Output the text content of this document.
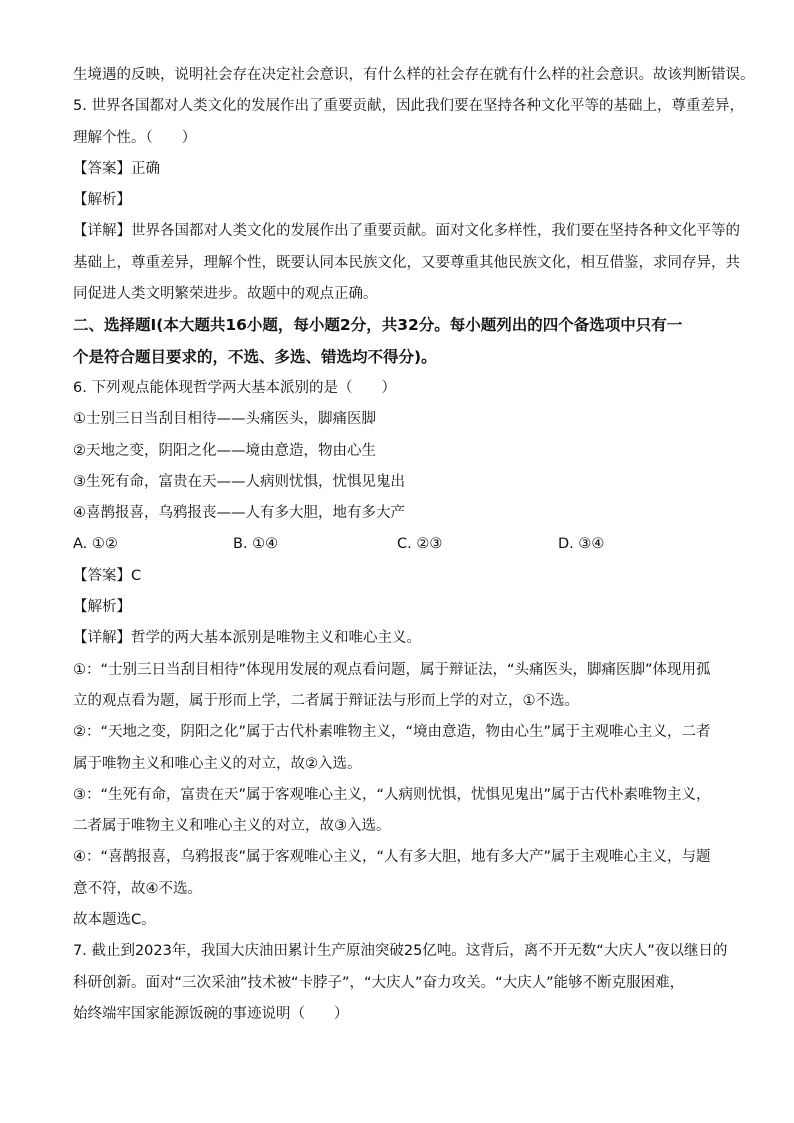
生境遇的反映，说明社会存在决定社会意识，有什么样的社会存在就有什么样的社会意识。故该判断错误。
5. 世界各国都对人类文化的发展作出了重要贡献，因此我们要在坚持各种文化平等的基础上，尊重差异，
理解个性。（　　）
【答案】正确
【解析】
【详解】世界各国都对人类文化的发展作出了重要贡献。面对文化多样性，我们要在坚持各种文化平等的
基础上，尊重差异，理解个性，既要认同本民族文化，又要尊重其他民族文化，相互借鉴，求同存异，共
同促进人类文明繁荣进步。故题中的观点正确。
二、选择题Ⅰ(本大题共16小题，每小题2分，共32分。每小题列出的四个备选项中只有一
个是符合题目要求的，不选、多选、错选均不得分)。
6. 下列观点能体现哲学两大基本派别的是（　　）
①士别三日当刮目相待——头痛医头，脚痛医脚
②天地之变，阴阳之化——境由意造，物由心生
③生死有命，富贵在天——人病则忧惧，忧惧见鬼出
④喜鹊报喜，乌鸦报丧——人有多大胆，地有多大产
A. ①②	B. ①④	C. ②③	D. ③④
【答案】C
【解析】
【详解】哲学的两大基本派别是唯物主义和唯心主义。
①：“士别三日当刮目相待”体现用发展的观点看问题，属于辩证法，“头痛医头，脚痛医脚”体现用孤
立的观点看为题，属于形而上学，二者属于辩证法与形而上学的对立，①不选。
②：“天地之变，阴阳之化”属于古代朴素唯物主义，“境由意造，物由心生”属于主观唯心主义，二者
属于唯物主义和唯心主义的对立，故②入选。
③：“生死有命，富贵在天”属于客观唯心主义，“人病则忧惧，忧惧见鬼出”属于古代朴素唯物主义，
二者属于唯物主义和唯心主义的对立，故③入选。
④：“喜鹊报喜，乌鸦报丧”属于客观唯心主义，“人有多大胆，地有多大产”属于主观唯心主义，与题
意不符，故④不选。
故本题选C。
7. 截止到2023年，我国大庆油田累计生产原油突破25亿吨。这背后，离不开无数“大庆人”夜以继日的
科研创新。面对“三次采油”技术被“卡脖子”，“大庆人”奋力攻关。“大庆人”能够不断克服困难，
始终端牢国家能源饭碗的事迹说明（　　）
